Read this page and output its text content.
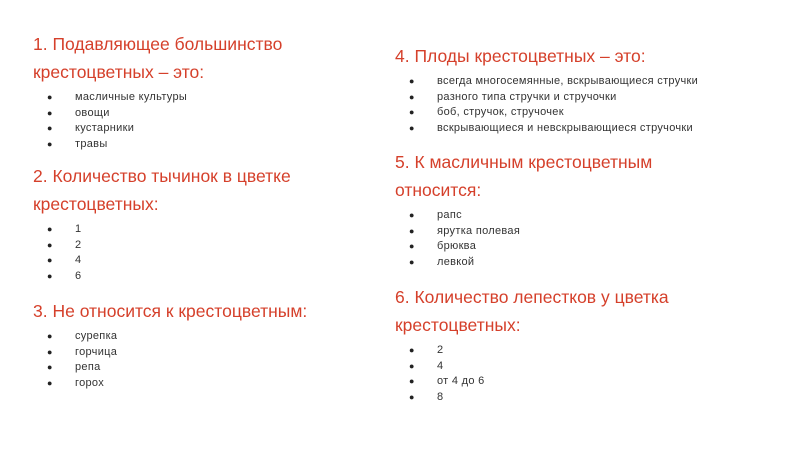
1. Подавляющее большинство
крестоцветных – это:
● масличные культуры
● овощи
● кустарники
● травы
2. Количество тычинок в цветке
крестоцветных:
● 1
● 2
● 4
● 6
3. Не относится к крестоцветным:
● сурепка
● горчица
● репа
● горох
4. Плоды крестоцветных – это:
● всегда многосемянные, вскрывающиеся стручки
● разного типа стручки и стручочки
● боб, стручок, стручочек
● вскрывающиеся и невскрывающиеся стручочки
5. К масличным крестоцветным
относится:
● рапс
● ярутка полевая
● брюква
● левкой
6. Количество лепестков у цветка
крестоцветных:
● 2
● 4
● от 4 до 6
● 8
